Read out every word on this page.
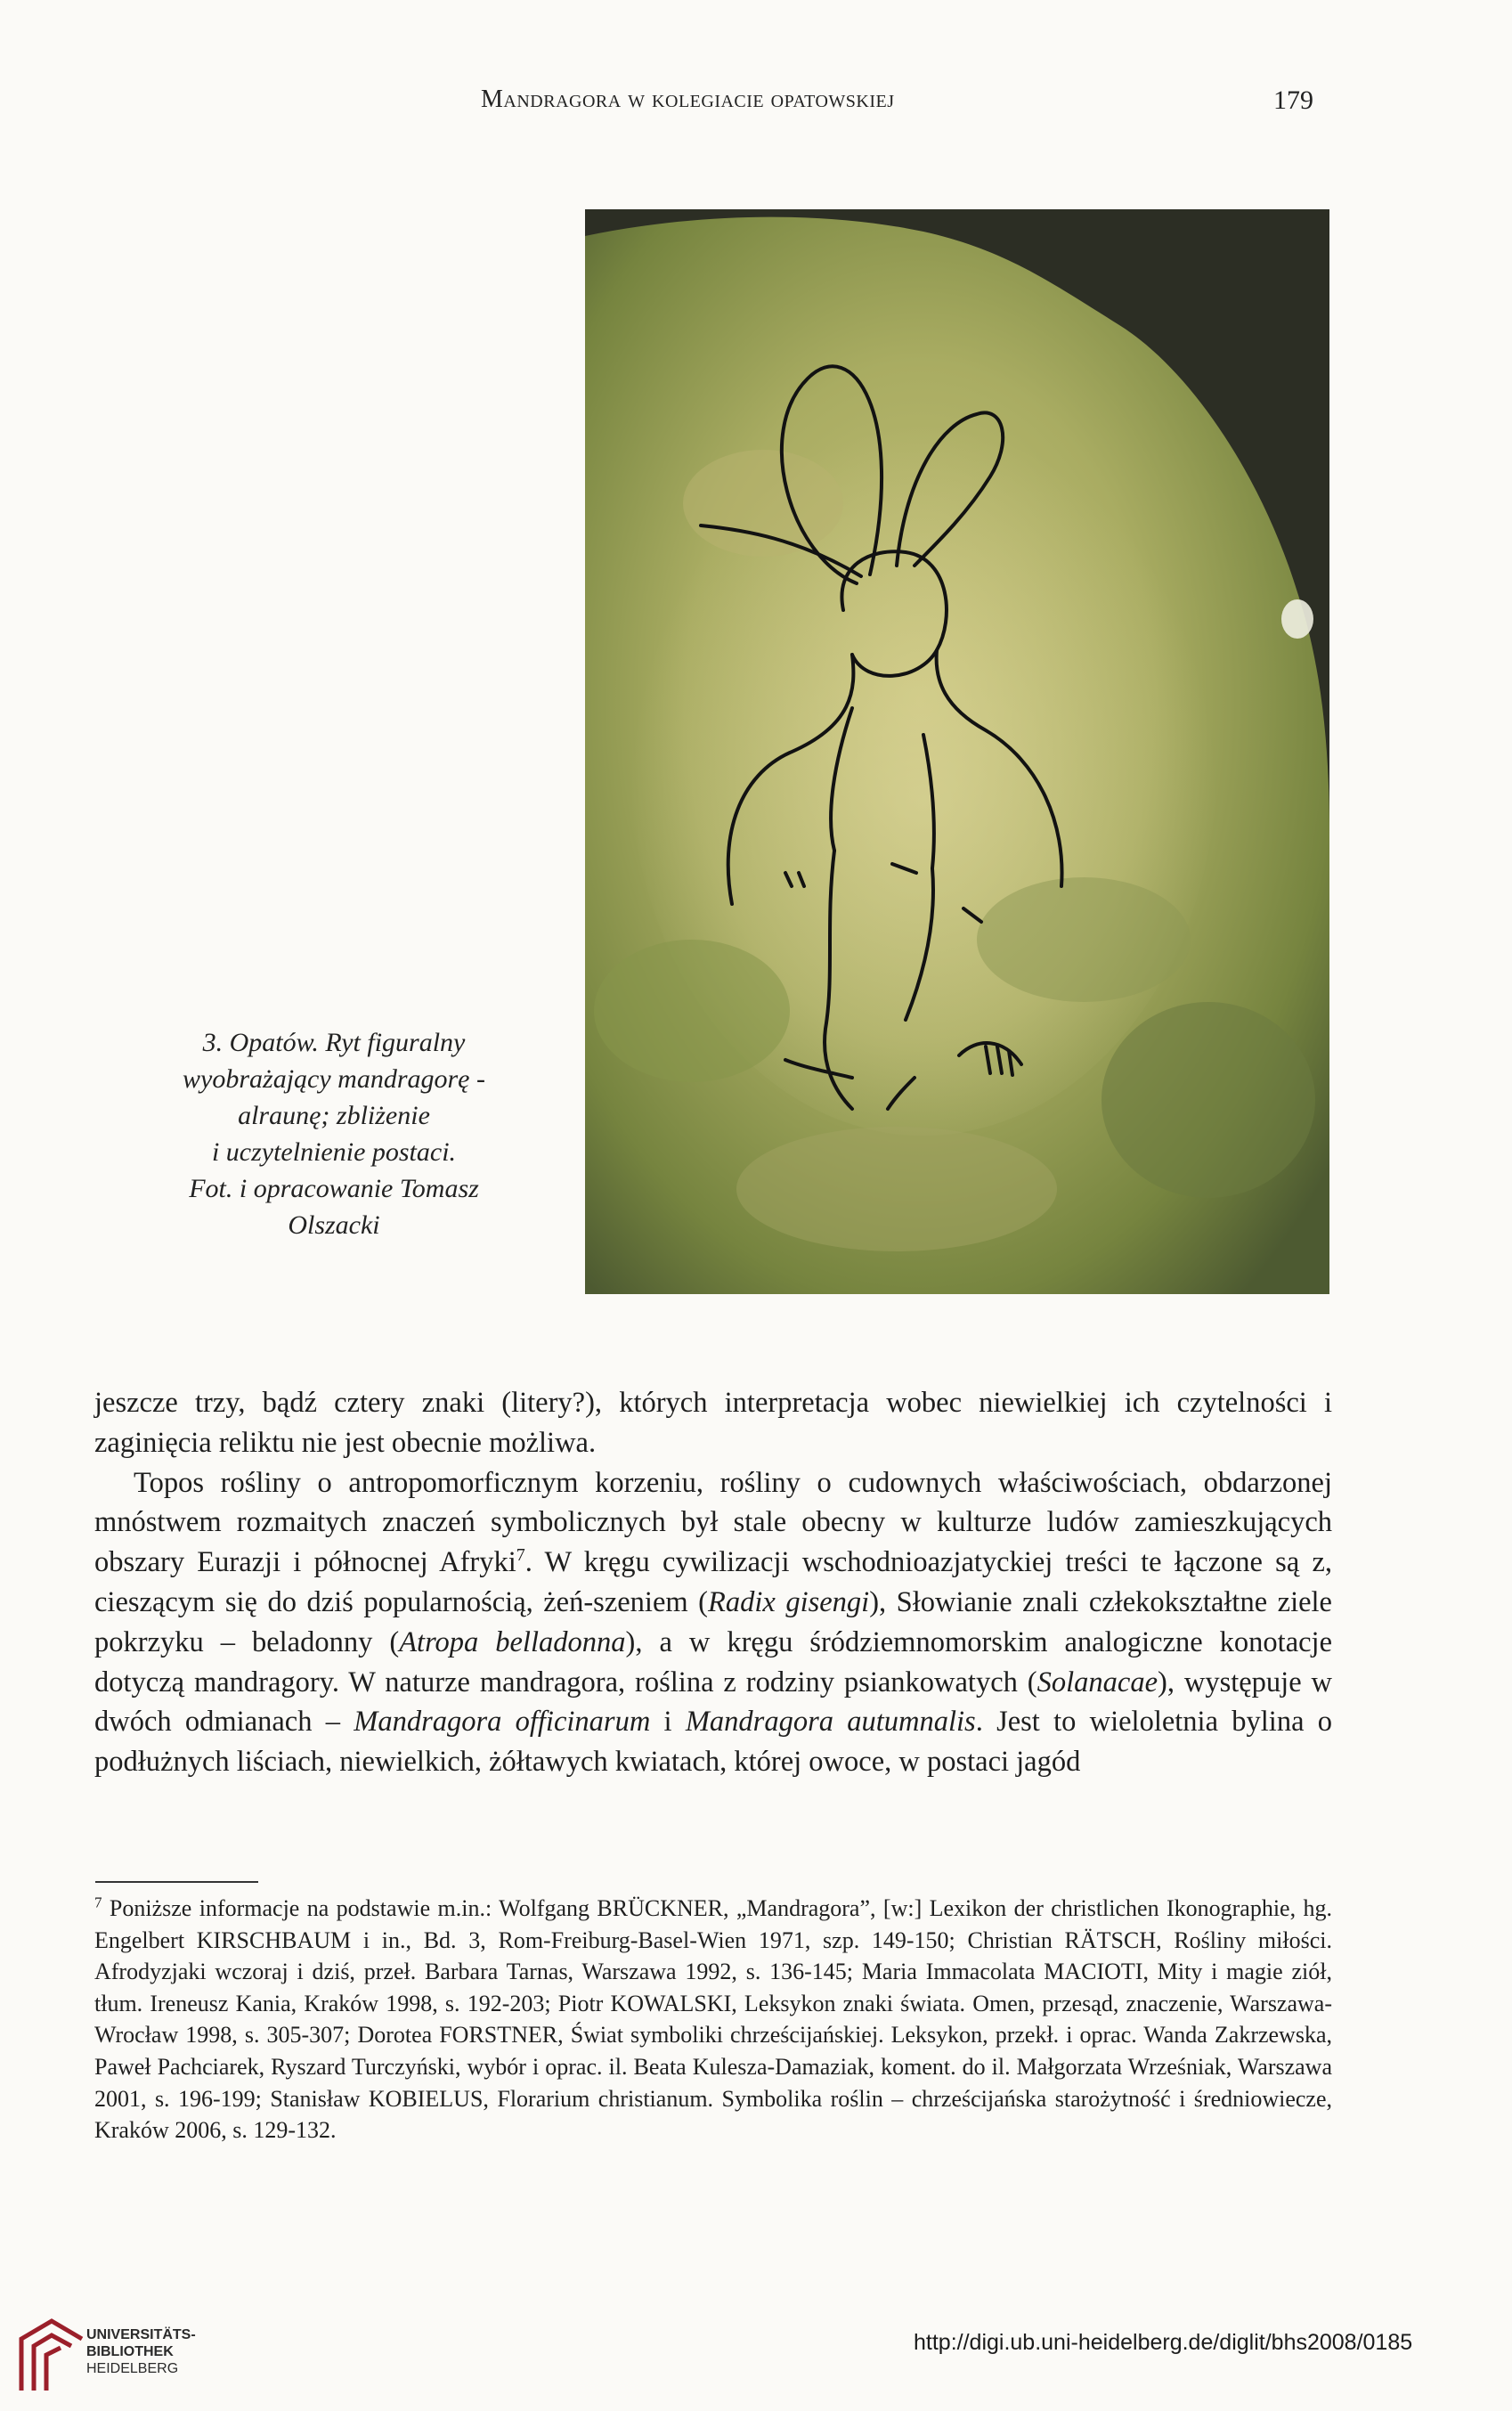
Mandragora w kolegiacie opatowskiej	179
3. Opatów. Ryt figuralny
wyobrażający mandragorę -
alraunę; zbliżenie
i uczytelnienie postaci.
Fot. i opracowanie Tomasz
Olszacki

jeszcze trzy, bądź cztery znaki (litery?), których interpretacja wobec niewielkiej ich czytelności i zaginięcia reliktu nie jest obecnie możliwa.

Topos rośliny o antropomorficznym korzeniu, rośliny o cudownych właściwościach, obdarzonej mnóstwem rozmaitych znaczeń symbolicznych był stale obecny w kulturze ludów zamieszkujących obszary Eurazji i północnej Afryki$^7$. W kręgu cywilizacji wschodnioazjatyckiej treści te łączone są z, cieszącym się do dziś popularnością, żeń-szeniem (Radix gisengi), Słowianie znali człekokształtne ziele pokrzyku – beladonny (Atropa belladonna), a w kręgu śródziemnomorskim analogiczne konotacje dotyczą mandragory. W naturze mandragora, roślina z rodziny psiankowatych (Solanacae), występuje w dwóch odmianach – Mandragora officinarum i Mandragora autumnalis. Jest to wieloletnia bylina o podłużnych liściach, niewielkich, żółtawych kwiatach, której owoce, w postaci jagód

$^7$ Poniższe informacje na podstawie m.in.: Wolfgang BRÜCKNER, „Mandragora”, [w:] Lexikon der christlichen Ikonographie, hg. Engelbert KIRSCHBAUM i in., Bd. 3, Rom-Freiburg-Basel-Wien 1971, szp. 149-150; Christian RÄTSCH, Rośliny miłości. Afrodyzjaki wczoraj i dziś, przeł. Barbara Tarnas, Warszawa 1992, s. 136-145; Maria Immacolata MACIOTI, Mity i magie ziół, tłum. Ireneusz Kania, Kraków 1998, s. 192-203; Piotr KOWALSKI, Leksykon znaki świata. Omen, przesąd, znaczenie, Warszawa-Wrocław 1998, s. 305-307; Dorotea FORSTNER, Świat symboliki chrześcijańskiej. Leksykon, przekł. i oprac. Wanda Zakrzewska, Paweł Pachciarek, Ryszard Turczyński, wybór i oprac. il. Beata Kulesza-Damaziak, koment. do il. Małgorzata Wrześniak, Warszawa 2001, s. 196-199; Stanisław KOBIELUS, Florarium christianum. Symbolika roślin – chrześcijańska starożytność i średniowiecze, Kraków 2006, s. 129-132.

UNIVERSITÄTS-
BIBLIOTHEK
HEIDELBERG
http://digi.ub.uni-heidelberg.de/diglit/bhs2008/0185
